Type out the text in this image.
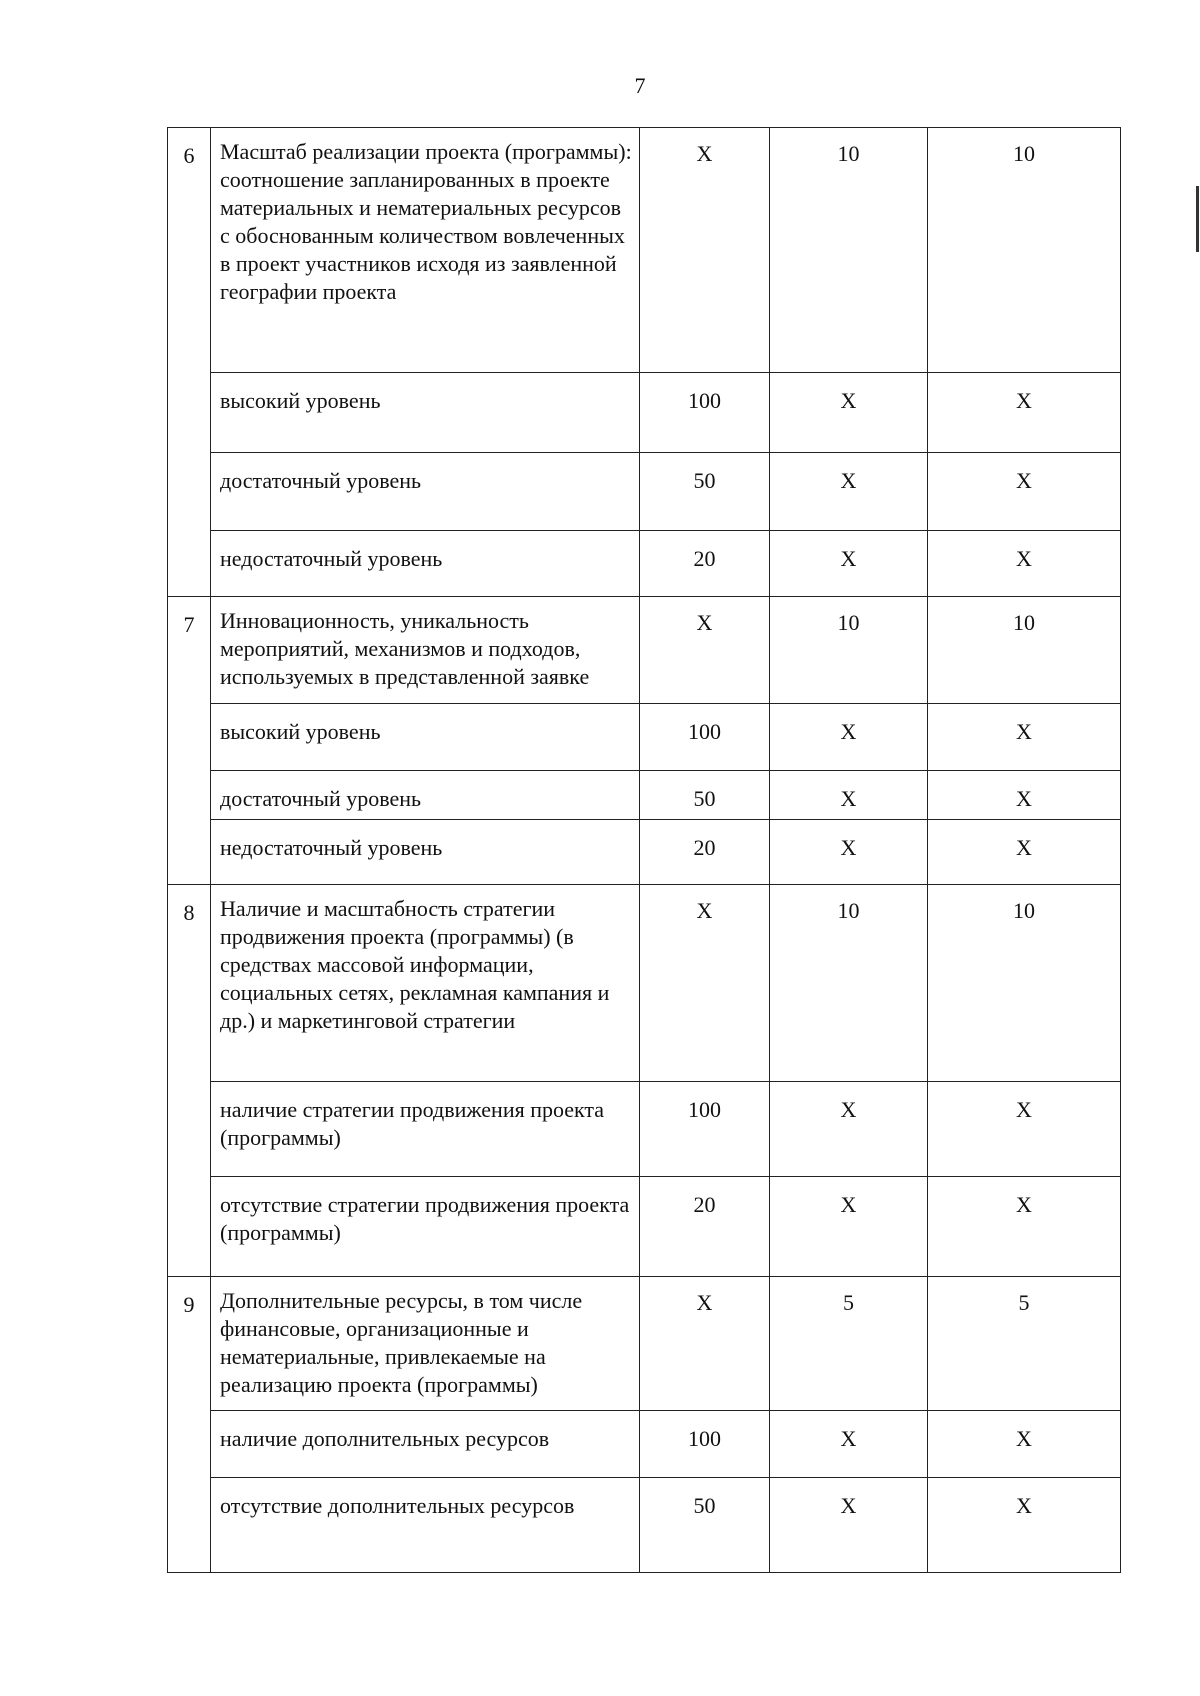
7
6	Масштаб реализации проекта (программы): соотношение запланированных в проекте материальных и нематериальных ресурсов с обоснованным количеством вовлеченных в проект участников исходя из заявленной географии проекта	X	10	10
	высокий уровень	100	X	X
	достаточный уровень	50	X	X
	недостаточный уровень	20	X	X
7	Инновационность, уникальность мероприятий, механизмов и подходов, используемых в представленной заявке	X	10	10
	высокий уровень	100	X	X
	достаточный уровень	50	X	X
	недостаточный уровень	20	X	X
8	Наличие и масштабность стратегии продвижения проекта (программы) (в средствах массовой информации, социальных сетях, рекламная кампания и др.) и маркетинговой стратегии	X	10	10
	наличие стратегии продвижения проекта (программы)	100	X	X
	отсутствие стратегии продвижения проекта (программы)	20	X	X
9	Дополнительные ресурсы, в том числе финансовые, организационные и нематериальные, привлекаемые на реализацию проекта (программы)	X	5	5
	наличие дополнительных ресурсов	100	X	X
	отсутствие дополнительных ресурсов	50	X	X
